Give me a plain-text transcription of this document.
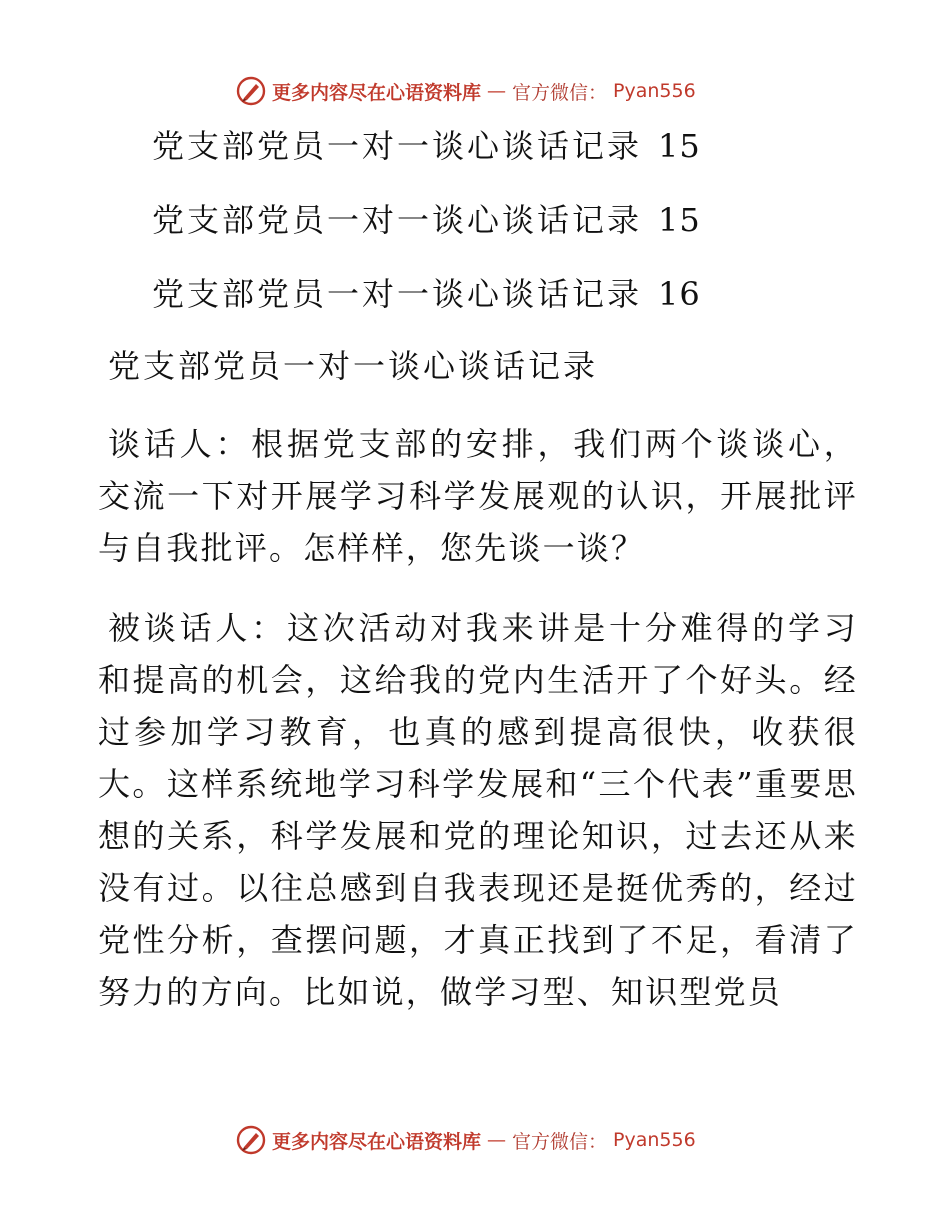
更多内容尽在心语资料库 — 官方微信： Pyan556
党支部党员一对一谈心谈话记录 15
党支部党员一对一谈心谈话记录 15
党支部党员一对一谈心谈话记录 16
党支部党员一对一谈心谈话记录
谈话人：根据党支部的安排，我们两个谈谈心，交流一下对开展学习科学发展观的认识，开展批评与自我批评。怎样样，您先谈一谈？
被谈话人：这次活动对我来讲是十分难得的学习和提高的机会，这给我的党内生活开了个好头。经过参加学习教育，也真的感到提高很快，收获很大。这样系统地学习科学发展和“三个代表”重要思想的关系，科学发展和党的理论知识，过去还从来没有过。以往总感到自我表现还是挺优秀的，经过党性分析，查摆问题，才真正找到了不足，看清了努力的方向。比如说，做学习型、知识型党员
更多内容尽在心语资料库 — 官方微信： Pyan556
